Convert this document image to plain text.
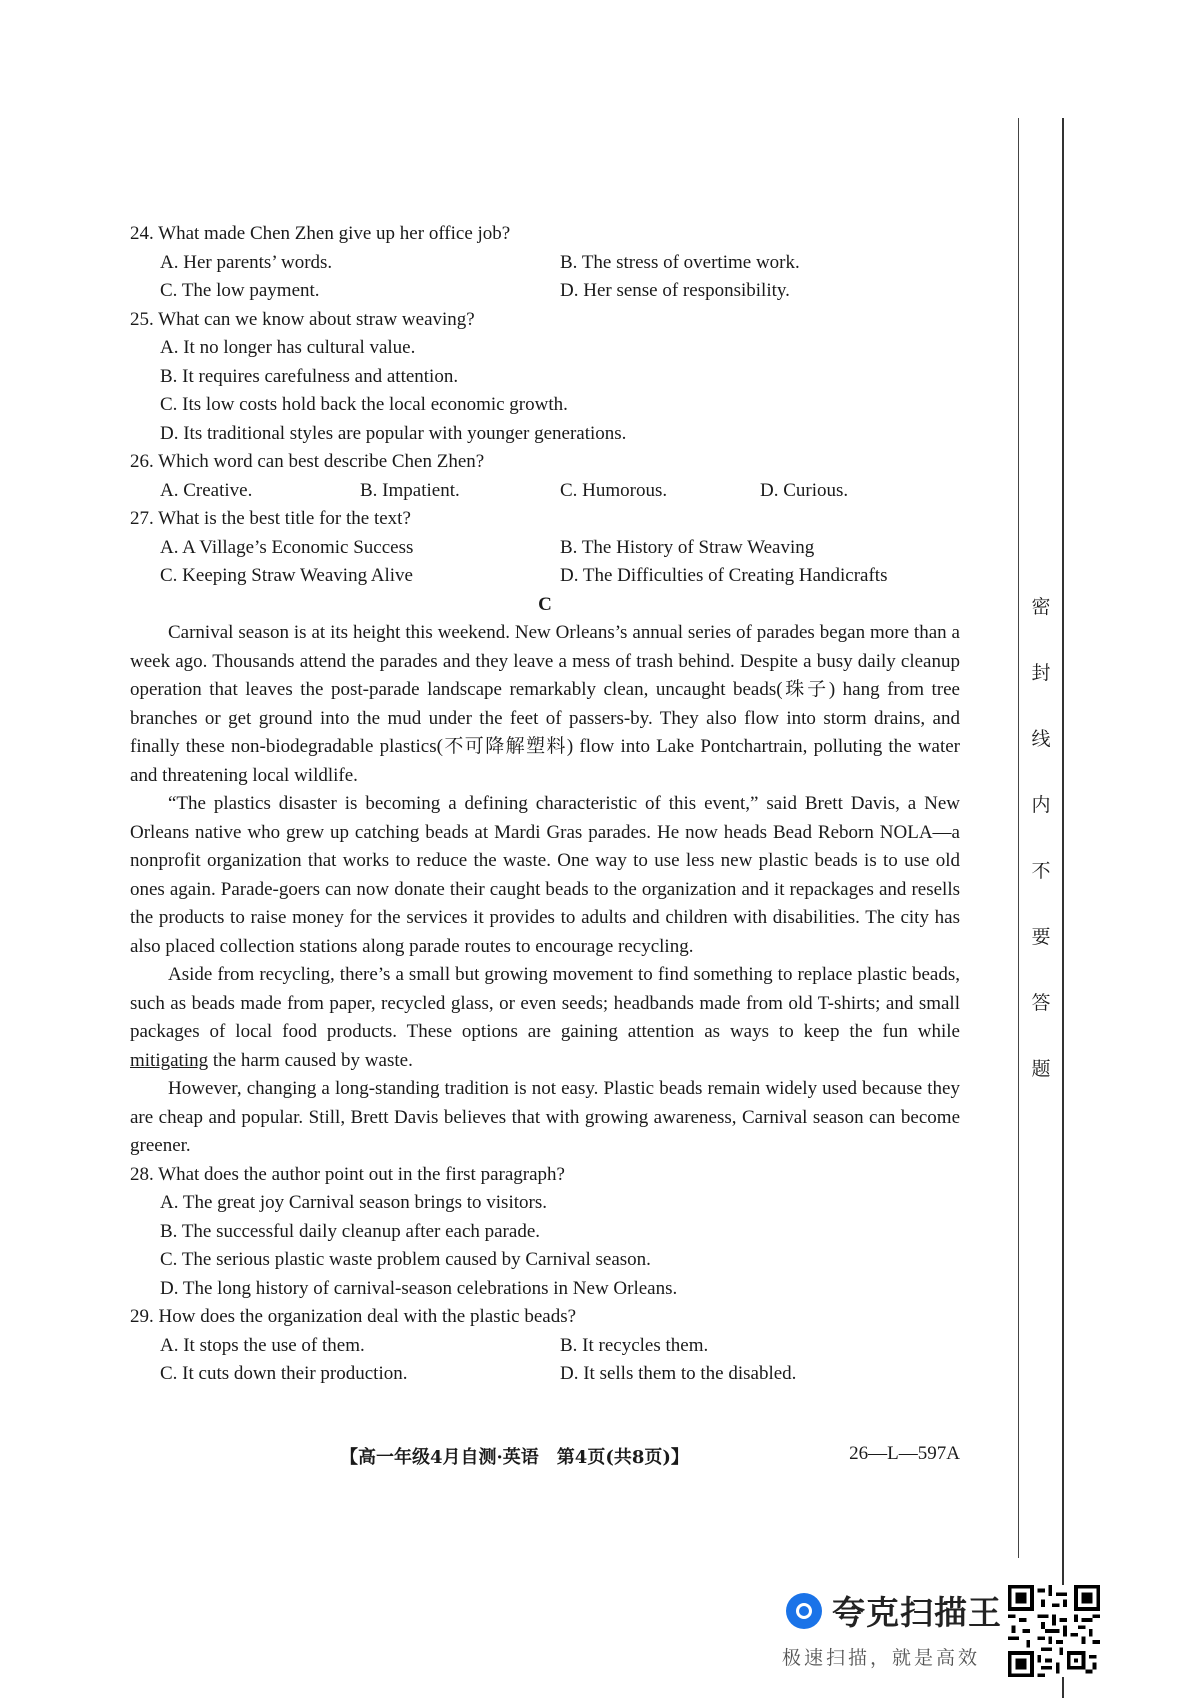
24. What made Chen Zhen give up her office job?

A. Her parents’ words.	B. The stress of overtime work.
C. The low payment.	D. Her sense of responsibility.

25. What can we know about straw weaving?

A. It no longer has cultural value.
B. It requires carefulness and attention.
C. Its low costs hold back the local economic growth.
D. Its traditional styles are popular with younger generations.

26. Which word can best describe Chen Zhen?

A. Creative.	B. Impatient.	C. Humorous.	D. Curious.

27. What is the best title for the text?

A. A Village’s Economic Success	B. The History of Straw Weaving
C. Keeping Straw Weaving Alive	D. The Difficulties of Creating Handicrafts

C

Carnival season is at its height this weekend. New Orleans’s annual series of parades began more than a week ago. Thousands attend the parades and they leave a mess of trash behind. Despite a busy daily cleanup operation that leaves the post-parade landscape remarkably clean, uncaught beads(珠子) hang from tree branches or get ground into the mud under the feet of passers-by. They also flow into storm drains, and finally these non-biodegradable plastics(不可降解塑料) flow into Lake Pontchartrain, polluting the water and threatening local wildlife.

“The plastics disaster is becoming a defining characteristic of this event,” said Brett Davis, a New Orleans native who grew up catching beads at Mardi Gras parades. He now heads Bead Reborn NOLA—a nonprofit organization that works to reduce the waste. One way to use less new plastic beads is to use old ones again. Parade-goers can now donate their caught beads to the organization and it repackages and resells the products to raise money for the services it provides to adults and children with disabilities. The city has also placed collection stations along parade routes to encourage recycling.

Aside from recycling, there’s a small but growing movement to find something to replace plastic beads, such as beads made from paper, recycled glass, or even seeds; headbands made from old T-shirts; and small packages of local food products. These options are gaining attention as ways to keep the fun while mitigating the harm caused by waste.

However, changing a long-standing tradition is not easy. Plastic beads remain widely used because they are cheap and popular. Still, Brett Davis believes that with growing awareness, Carnival season can become greener.

28. What does the author point out in the first paragraph?

A. The great joy Carnival season brings to visitors.
B. The successful daily cleanup after each parade.
C. The serious plastic waste problem caused by Carnival season.
D. The long history of carnival-season celebrations in New Orleans.

29. How does the organization deal with the plastic beads?

A. It stops the use of them.	B. It recycles them.
C. It cuts down their production.	D. It sells them to the disabled.
【高一年级4月自测·英语　第4页(共8页)】	26—L—597A
密
封
线
内
不
要
答
题
夸克扫描王
极速扫描，就是高效
